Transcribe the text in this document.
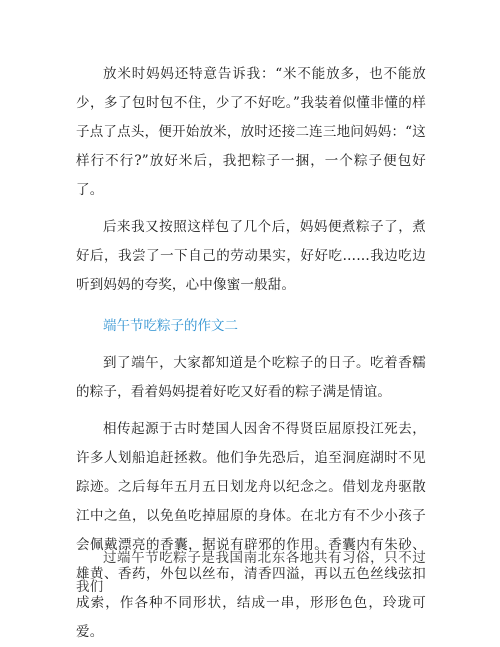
放米时妈妈还特意告诉我：“米不能放多，也不能放少，多了包时包不住，少了不好吃。”我装着似懂非懂的样子点了点头，便开始放米，放时还接二连三地问妈妈：“这样行不行?”放好米后，我把粽子一捆，一个粽子便包好了。

后来我又按照这样包了几个后，妈妈便煮粽子了，煮好后，我尝了一下自己的劳动果实，好好吃……我边吃边听到妈妈的夸奖，心中像蜜一般甜。

端午节吃粽子的作文二

到了端午，大家都知道是个吃粽子的日子。吃着香糯的粽子，看着妈妈提着好吃又好看的粽子满是情谊。

相传起源于古时楚国人因舍不得贤臣屈原投江死去，许多人划船追赶拯救。他们争先恐后，追至洞庭湖时不见踪迹。之后每年五月五日划龙舟以纪念之。借划龙舟驱散江中之鱼，以免鱼吃掉屈原的身体。在北方有不少小孩子会佩戴漂亮的香囊，据说有辟邪的作用。香囊内有朱砂、雄黄、香药，外包以丝布，清香四溢，再以五色丝线弦扣成索，作各种不同形状，结成一串，形形色色，玲珑可爱。

过端午节吃粽子是我国南北东各地共有习俗，只不过我们
